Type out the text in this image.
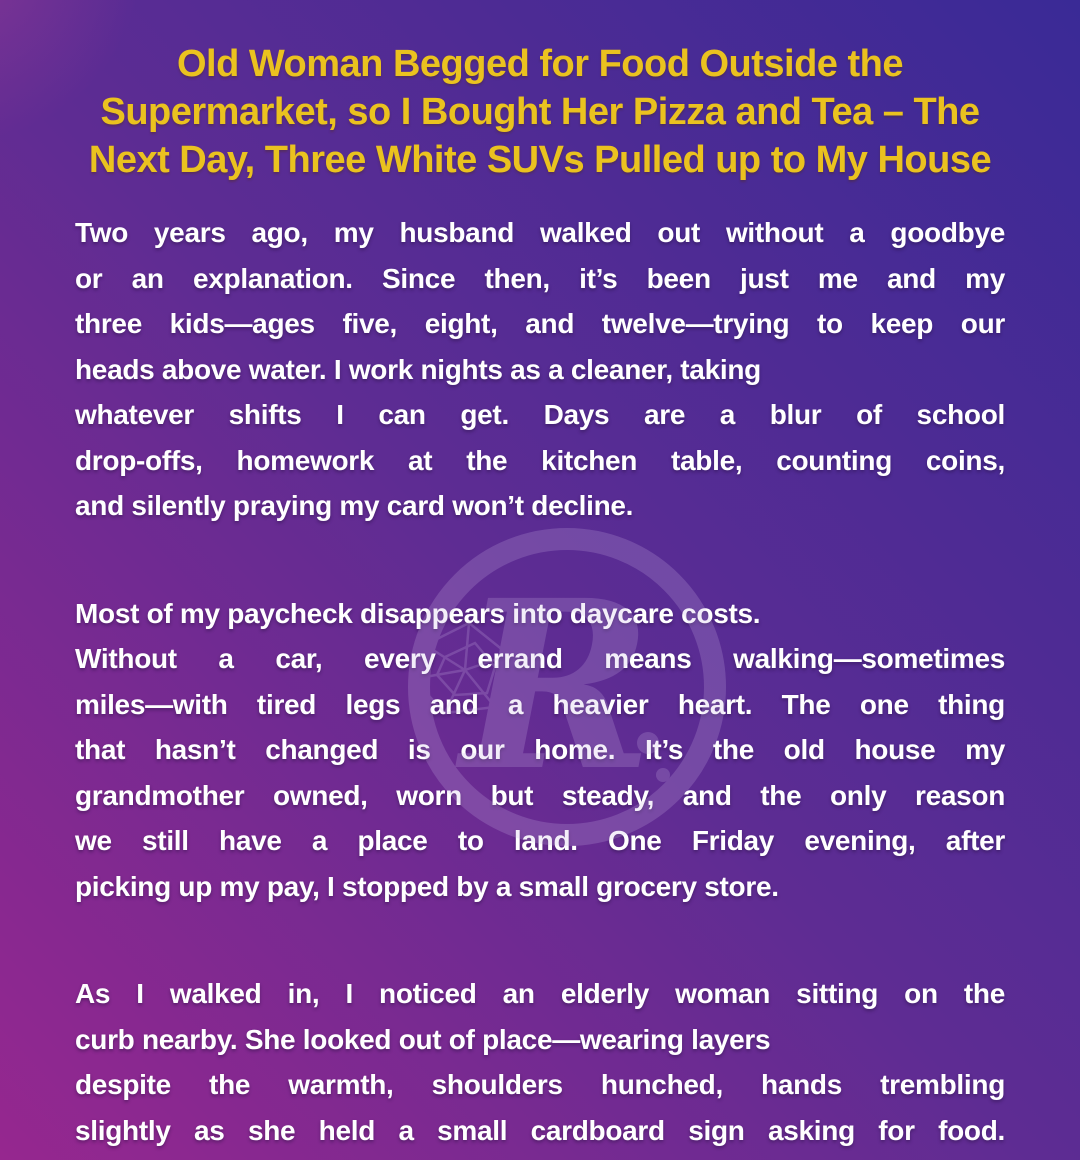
R
Old Woman Begged for Food Outside the
Supermarket, so I Bought Her Pizza and Tea – The
Next Day, Three White SUVs Pulled up to My House
Two years ago, my husband walked out without a goodbye
or an explanation. Since then, it’s been just me and my
three kids—ages five, eight, and twelve—trying to keep our
heads above water. I work nights as a cleaner, taking
whatever shifts I can get. Days are a blur of school
drop-offs, homework at the kitchen table, counting coins,
and silently praying my card won’t decline.
Most of my paycheck disappears into daycare costs.
Without a car, every errand means walking—sometimes
miles—with tired legs and a heavier heart. The one thing
that hasn’t changed is our home. It’s the old house my
grandmother owned, worn but steady, and the only reason
we still have a place to land. One Friday evening, after
picking up my pay, I stopped by a small grocery store.
As I walked in, I noticed an elderly woman sitting on the
curb nearby. She looked out of place—wearing layers
despite the warmth, shoulders hunched, hands trembling
slightly as she held a small cardboard sign asking for food.
